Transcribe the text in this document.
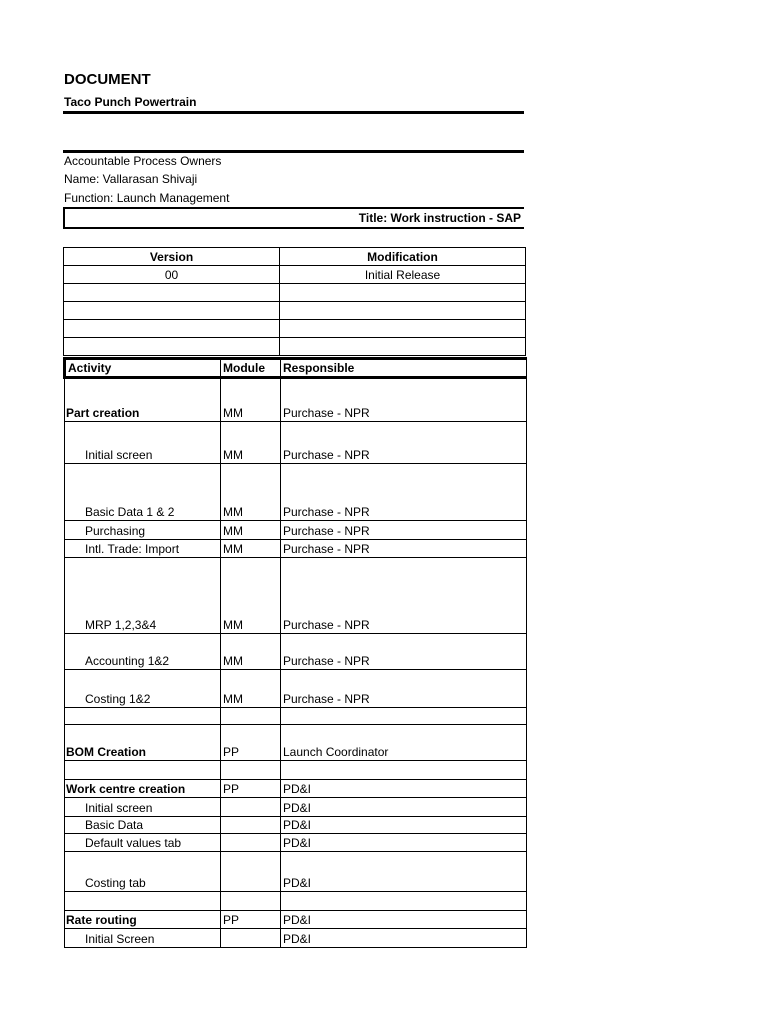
DOCUMENT
Taco Punch Powertrain
Accountable Process Owners
Name: Vallarasan Shivaji
Function: Launch Management
Title: Work instruction - SAP
Version	Modification
00	Initial Release

Activity	Module	Responsible
Part creation	MM	Purchase - NPR
Initial screen	MM	Purchase - NPR
Basic Data 1 & 2	MM	Purchase - NPR
Purchasing	MM	Purchase - NPR
Intl. Trade: Import	MM	Purchase - NPR
MRP 1,2,3&4	MM	Purchase - NPR
Accounting 1&2	MM	Purchase - NPR
Costing 1&2	MM	Purchase - NPR

BOM Creation	PP	Launch Coordinator

Work centre creation	PP	PD&I
Initial screen		PD&I
Basic Data		PD&I
Default values tab		PD&I
Costing tab		PD&I

Rate routing	PP	PD&I
Initial Screen		PD&I
